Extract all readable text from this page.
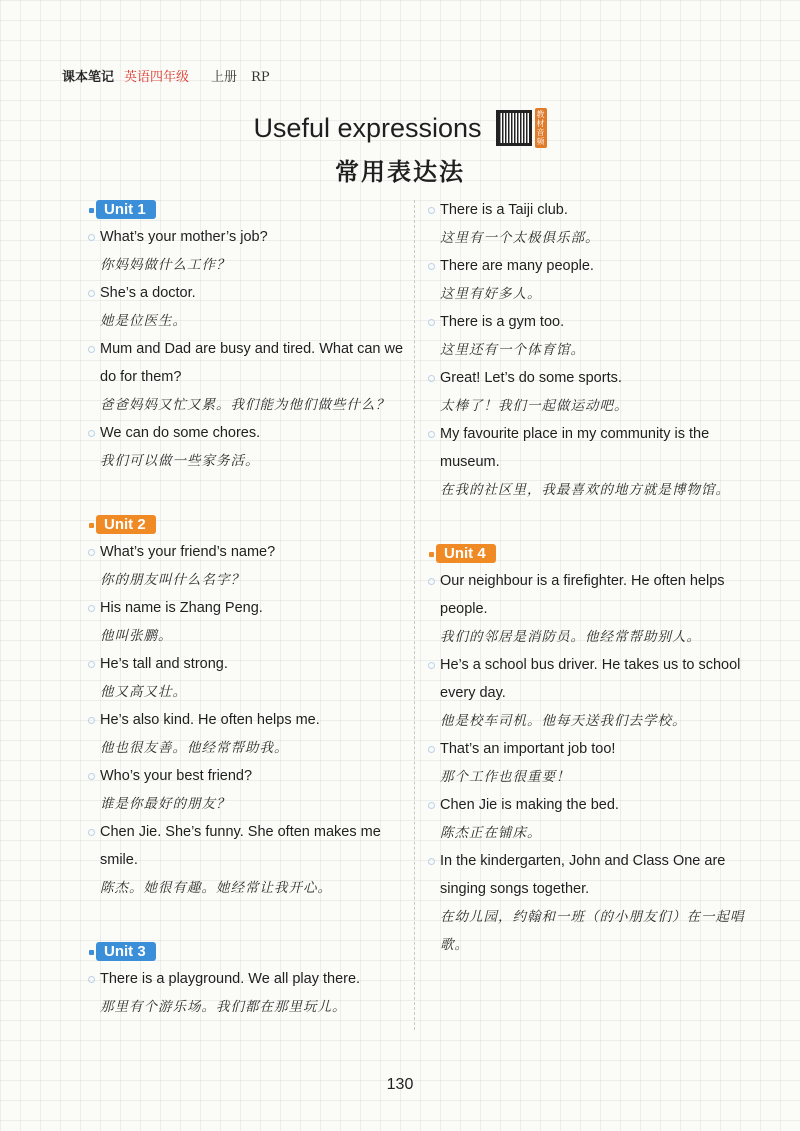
课本笔记 英语四年级 上册 RP
Useful expressions	教材音频
常用表达法
Unit 1
What’s your mother’s job?
你妈妈做什么工作？
She’s a doctor.
她是位医生。
Mum and Dad are busy and tired. What can we do for them?
爸爸妈妈又忙又累。我们能为他们做些什么？
We can do some chores.
我们可以做一些家务活。
Unit 2
What’s your friend’s name?
你的朋友叫什么名字？
His name is Zhang Peng.
他叫张鹏。
He’s tall and strong.
他又高又壮。
He’s also kind. He often helps me.
他也很友善。他经常帮助我。
Who’s your best friend?
谁是你最好的朋友？
Chen Jie. She’s funny. She often makes me smile.
陈杰。她很有趣。她经常让我开心。
Unit 3
There is a playground. We all play there.
那里有个游乐场。我们都在那里玩儿。
There is a Taiji club.
这里有一个太极俱乐部。
There are many people.
这里有好多人。
There is a gym too.
这里还有一个体育馆。
Great! Let’s do some sports.
太棒了！我们一起做运动吧。
My favourite place in my community is the museum.
在我的社区里，我最喜欢的地方就是博物馆。
Unit 4
Our neighbour is a firefighter. He often helps people.
我们的邻居是消防员。他经常帮助别人。
He’s a school bus driver. He takes us to school every day.
他是校车司机。他每天送我们去学校。
That’s an important job too!
那个工作也很重要！
Chen Jie is making the bed.
陈杰正在铺床。
In the kindergarten, John and Class One are singing songs together.
在幼儿园，约翰和一班（的小朋友们）在一起唱歌。
130
